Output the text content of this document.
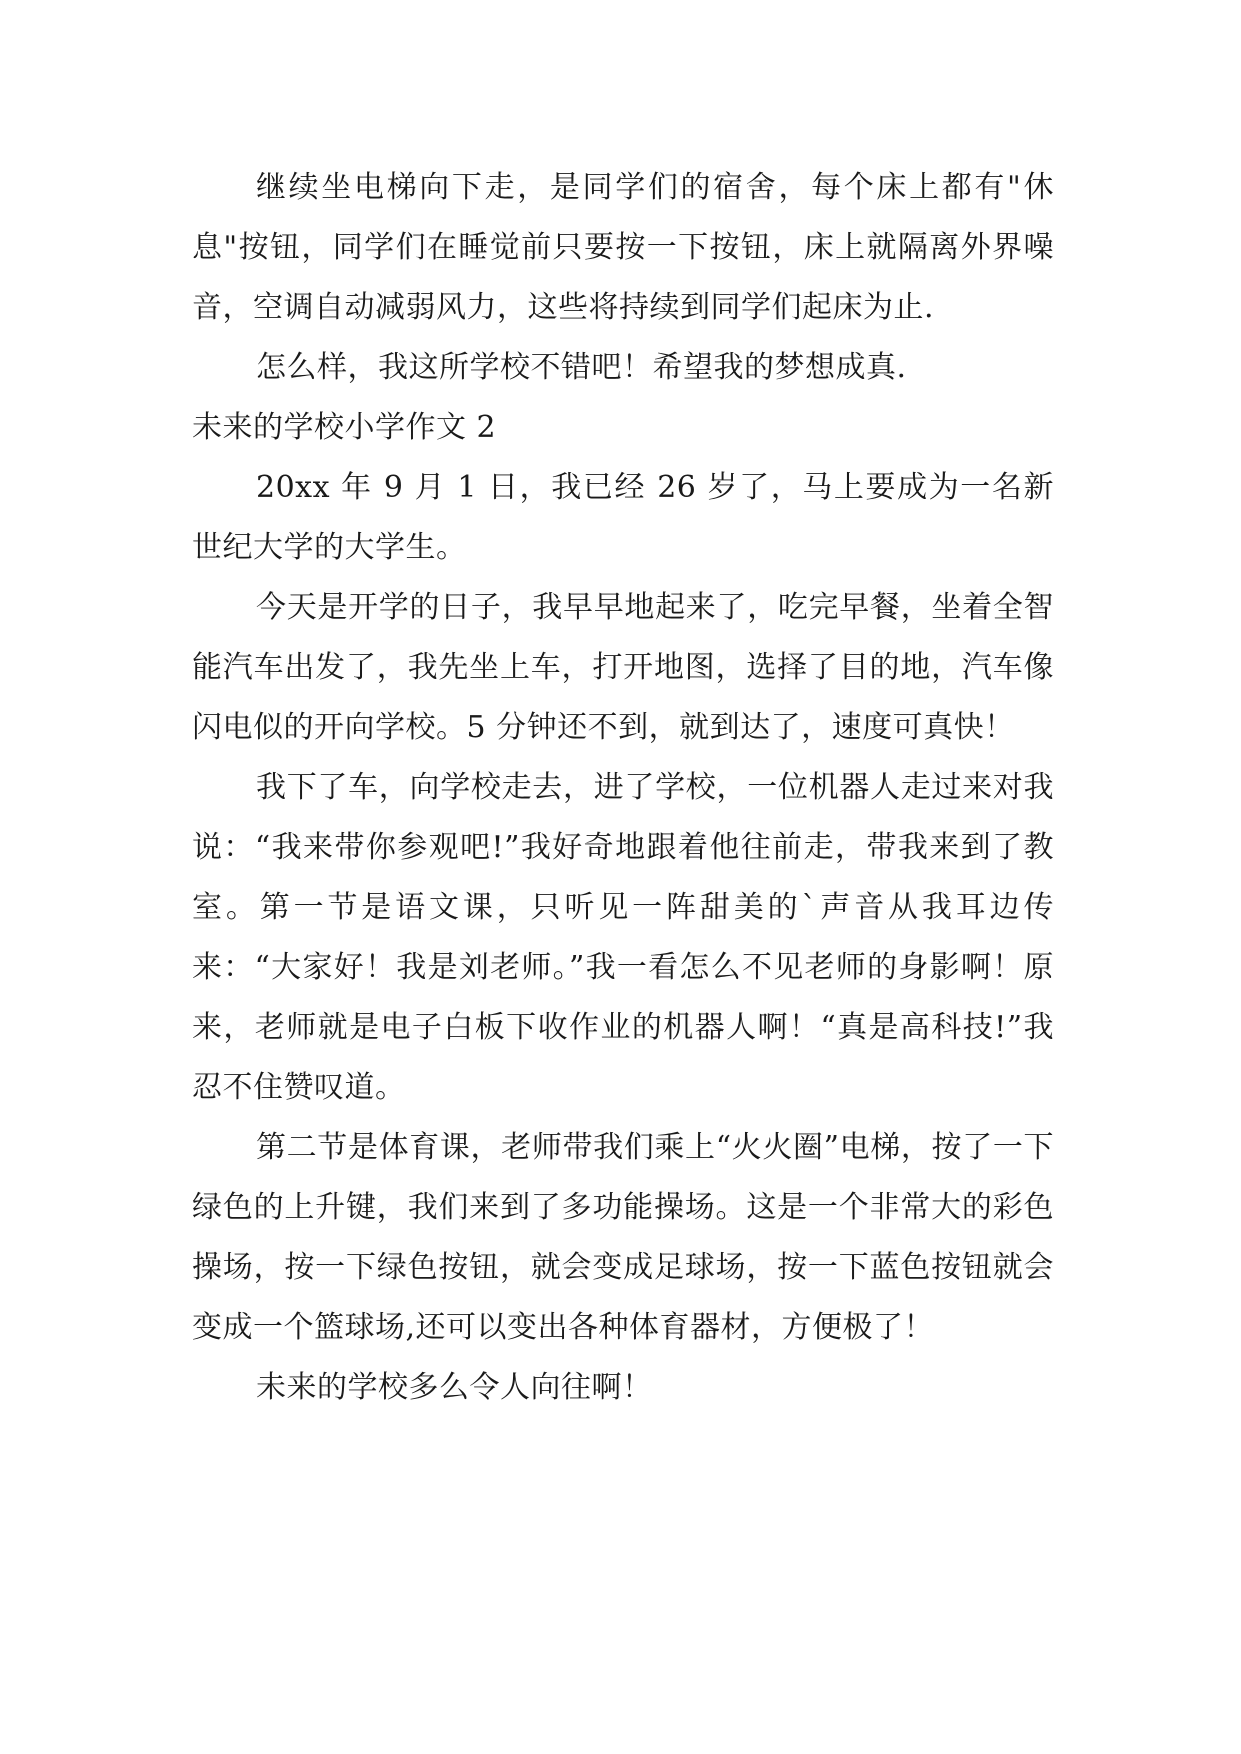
继续坐电梯向下走，是同学们的宿舍，每个床上都有"休息"按钮，同学们在睡觉前只要按一下按钮，床上就隔离外界噪音，空调自动减弱风力，这些将持续到同学们起床为止.

怎么样，我这所学校不错吧！希望我的梦想成真.

未来的学校小学作文 2

20xx 年 9 月 1 日，我已经 26 岁了，马上要成为一名新世纪大学的大学生。

今天是开学的日子，我早早地起来了，吃完早餐，坐着全智能汽车出发了，我先坐上车，打开地图，选择了目的地，汽车像闪电似的开向学校。5 分钟还不到，就到达了，速度可真快！

我下了车，向学校走去，进了学校，一位机器人走过来对我说：“我来带你参观吧!”我好奇地跟着他往前走，带我来到了教室。第一节是语文课，只听见一阵甜美的`声音从我耳边传来：“大家好！我是刘老师。”我一看怎么不见老师的身影啊！原来，老师就是电子白板下收作业的机器人啊！“真是高科技!”我忍不住赞叹道。

第二节是体育课，老师带我们乘上“火火圈”电梯，按了一下绿色的上升键，我们来到了多功能操场。这是一个非常大的彩色操场，按一下绿色按钮，就会变成足球场，按一下蓝色按钮就会变成一个篮球场,还可以变出各种体育器材，方便极了！

未来的学校多么令人向往啊！
